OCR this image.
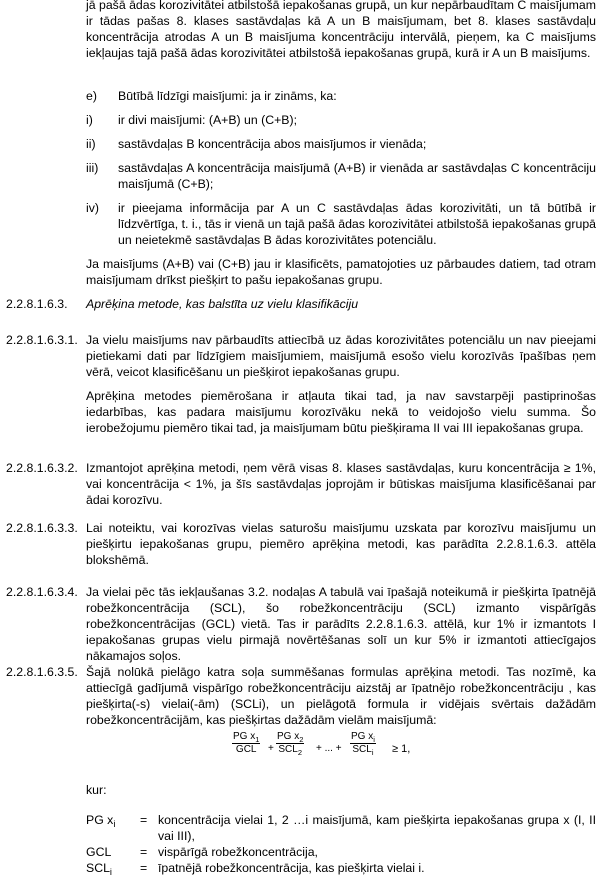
jā pašā ādas korozivitātei atbilstošā iepakošanas grupā, un kur nepārbaudītam C maisījumam ir tādas pašas 8. klases sastāvdaļas kā A un B maisījumam, bet 8. klases sastāvdaļu koncentrācija atrodas A un B maisījuma koncentrāciju intervālā, pieņem, ka C maisījums iekļaujas tajā pašā ādas korozivitātei atbilstošā iepakošanas grupā, kurā ir A un B maisījums.

e) Būtībā līdzīgi maisījumi: ja ir zināms, ka:
i) ir divi maisījumi: (A+B) un (C+B);
ii) sastāvdaļas B koncentrācija abos maisījumos ir vienāda;
iii) sastāvdaļas A koncentrācija maisījumā (A+B) ir vienāda ar sastāvdaļas C koncentrāciju maisījumā (C+B);
iv) ir pieejama informācija par A un C sastāvdaļas ādas korozivitāti, un tā būtībā ir līdzvērtīga, t. i., tās ir vienā un tajā pašā ādas korozivitātei atbilstošā iepakošanas grupā un neietekmē sastāvdaļas B ādas korozivitātes potenciālu.

Ja maisījums (A+B) vai (C+B) jau ir klasificēts, pamatojoties uz pārbaudes datiem, tad otram maisījumam drīkst piešķirt to pašu iepakošanas grupu.

2.2.8.1.6.3. Aprēķina metode, kas balstīta uz vielu klasifikāciju
2.2.8.1.6.3.1. Ja vielu maisījums nav pārbaudīts attiecībā uz ādas korozivitātes potenciālu un nav pieejami pietiekami dati par līdzīgiem maisījumiem, maisījumā esošo vielu korozīvās īpašības ņem vērā, veicot klasificēšanu un piešķirot iepakošanas grupu.

Aprēķina metodes piemērošana ir atļauta tikai tad, ja nav savstarpēji pastiprinošas iedarbības, kas padara maisījumu korozīvāku nekā to veidojošo vielu summa. Šo ierobežojumu piemēro tikai tad, ja maisījumam būtu piešķirama II vai III iepakošanas grupa.

2.2.8.1.6.3.2. Izmantojot aprēķina metodi, ņem vērā visas 8. klases sastāvdaļas, kuru koncentrācija ≥ 1%, vai koncentrācija < 1%, ja šīs sastāvdaļas joprojām ir būtiskas maisījuma klasificēšanai par ādai korozīvu.

2.2.8.1.6.3.3. Lai noteiktu, vai korozīvas vielas saturošu maisījumu uzskata par korozīvu maisījumu un piešķirtu iepakošanas grupu, piemēro aprēķina metodi, kas parādīta 2.2.8.1.6.3. attēla blokshēmā.

2.2.8.1.6.3.4. Ja vielai pēc tās iekļaušanas 3.2. nodaļas A tabulā vai īpašajā noteikumā ir piešķirta īpatnējā robežkoncentrācija (SCL), šo robežkoncentrāciju (SCL) izmanto vispārīgās robežkoncentrācijas (GCL) vietā. Tas ir parādīts 2.2.8.1.6.3. attēlā, kur 1% ir izmantots I iepakošanas grupas vielu pirmajā novērtēšanas solī un kur 5% ir izmantoti attiecīgajos nākamajos soļos.

2.2.8.1.6.3.5. Šajā nolūkā pielāgo katra soļa summēšanas formulas aprēķina metodi. Tas nozīmē, ka attiecīgā gadījumā vispārīgo robežkoncentrāciju aizstāj ar īpatnējo robežkoncentrāciju , kas piešķirta(-s) vielai(-ām) (SCLi), un pielāgotā formula ir vidējais svērtais dažādām robežkoncentrācijām, kas piešķirtas dažādām vielām maisījumā:

PG $x_1$
GCL	+
PG $x_2$
$SCL_2$ + ... +
PG $x_i$
$SCL_i \ge 1$,
kur:
PG $x_i$ = koncentrācija vielai 1, 2 …i maisījumā, kam piešķirta iepakošanas grupa x (I, II vai III),
GCL = vispārīgā robežkoncentrācija,
$SCL_i$ = īpatnējā robežkoncentrācija, kas piešķirta vielai i.
